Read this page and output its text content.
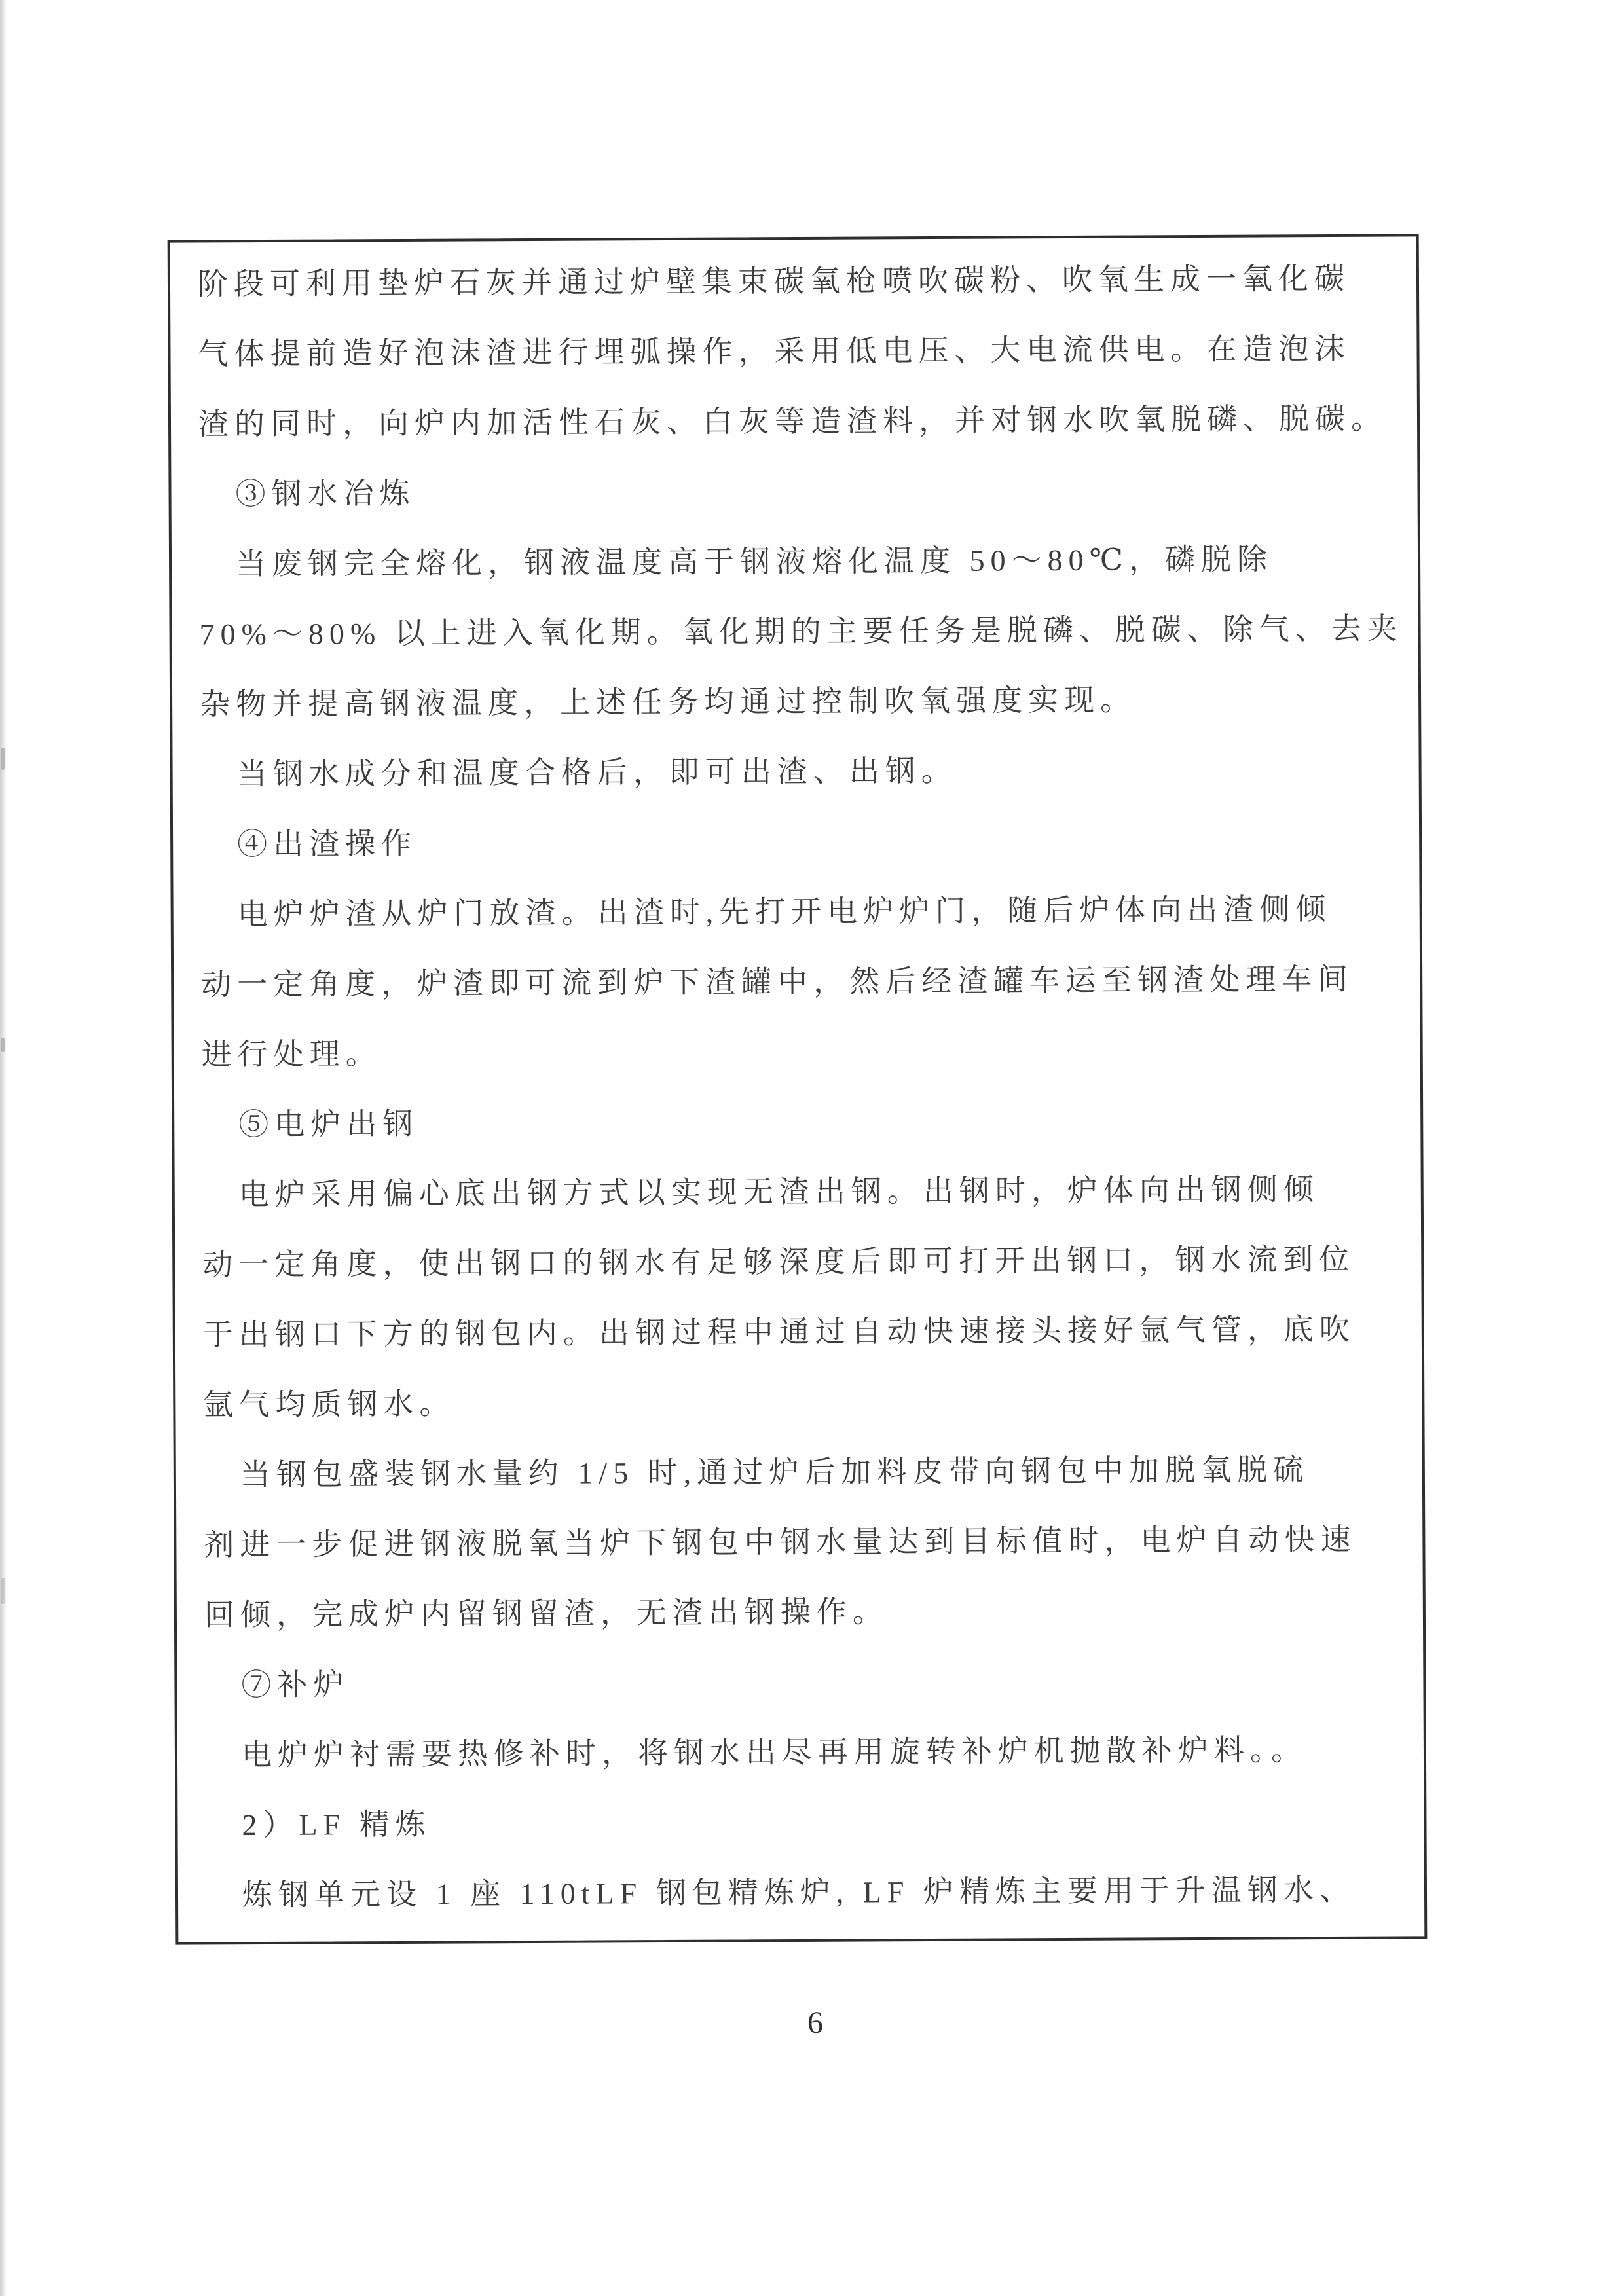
阶段可利用垫炉石灰并通过炉壁集束碳氧枪喷吹碳粉、吹氧生成一氧化碳
气体提前造好泡沫渣进行埋弧操作，采用低电压、大电流供电。在造泡沫
渣的同时，向炉内加活性石灰、白灰等造渣料，并对钢水吹氧脱磷、脱碳。
③钢水冶炼
当废钢完全熔化，钢液温度高于钢液熔化温度 50～80℃，磷脱除
70%～80% 以上进入氧化期。氧化期的主要任务是脱磷、脱碳、除气、去夹
杂物并提高钢液温度，上述任务均通过控制吹氧强度实现。
当钢水成分和温度合格后，即可出渣、出钢。
④出渣操作
电炉炉渣从炉门放渣。出渣时,先打开电炉炉门，随后炉体向出渣侧倾
动一定角度，炉渣即可流到炉下渣罐中，然后经渣罐车运至钢渣处理车间
进行处理。
⑤电炉出钢
电炉采用偏心底出钢方式以实现无渣出钢。出钢时，炉体向出钢侧倾
动一定角度，使出钢口的钢水有足够深度后即可打开出钢口，钢水流到位
于出钢口下方的钢包内。出钢过程中通过自动快速接头接好氩气管，底吹
氩气均质钢水。
当钢包盛装钢水量约 1/5 时,通过炉后加料皮带向钢包中加脱氧脱硫
剂进一步促进钢液脱氧当炉下钢包中钢水量达到目标值时，电炉自动快速
回倾，完成炉内留钢留渣，无渣出钢操作。
⑦补炉
电炉炉衬需要热修补时，将钢水出尽再用旋转补炉机抛散补炉料。。
2）LF 精炼
炼钢单元设 1 座 110tLF 钢包精炼炉, LF 炉精炼主要用于升温钢水、
6
